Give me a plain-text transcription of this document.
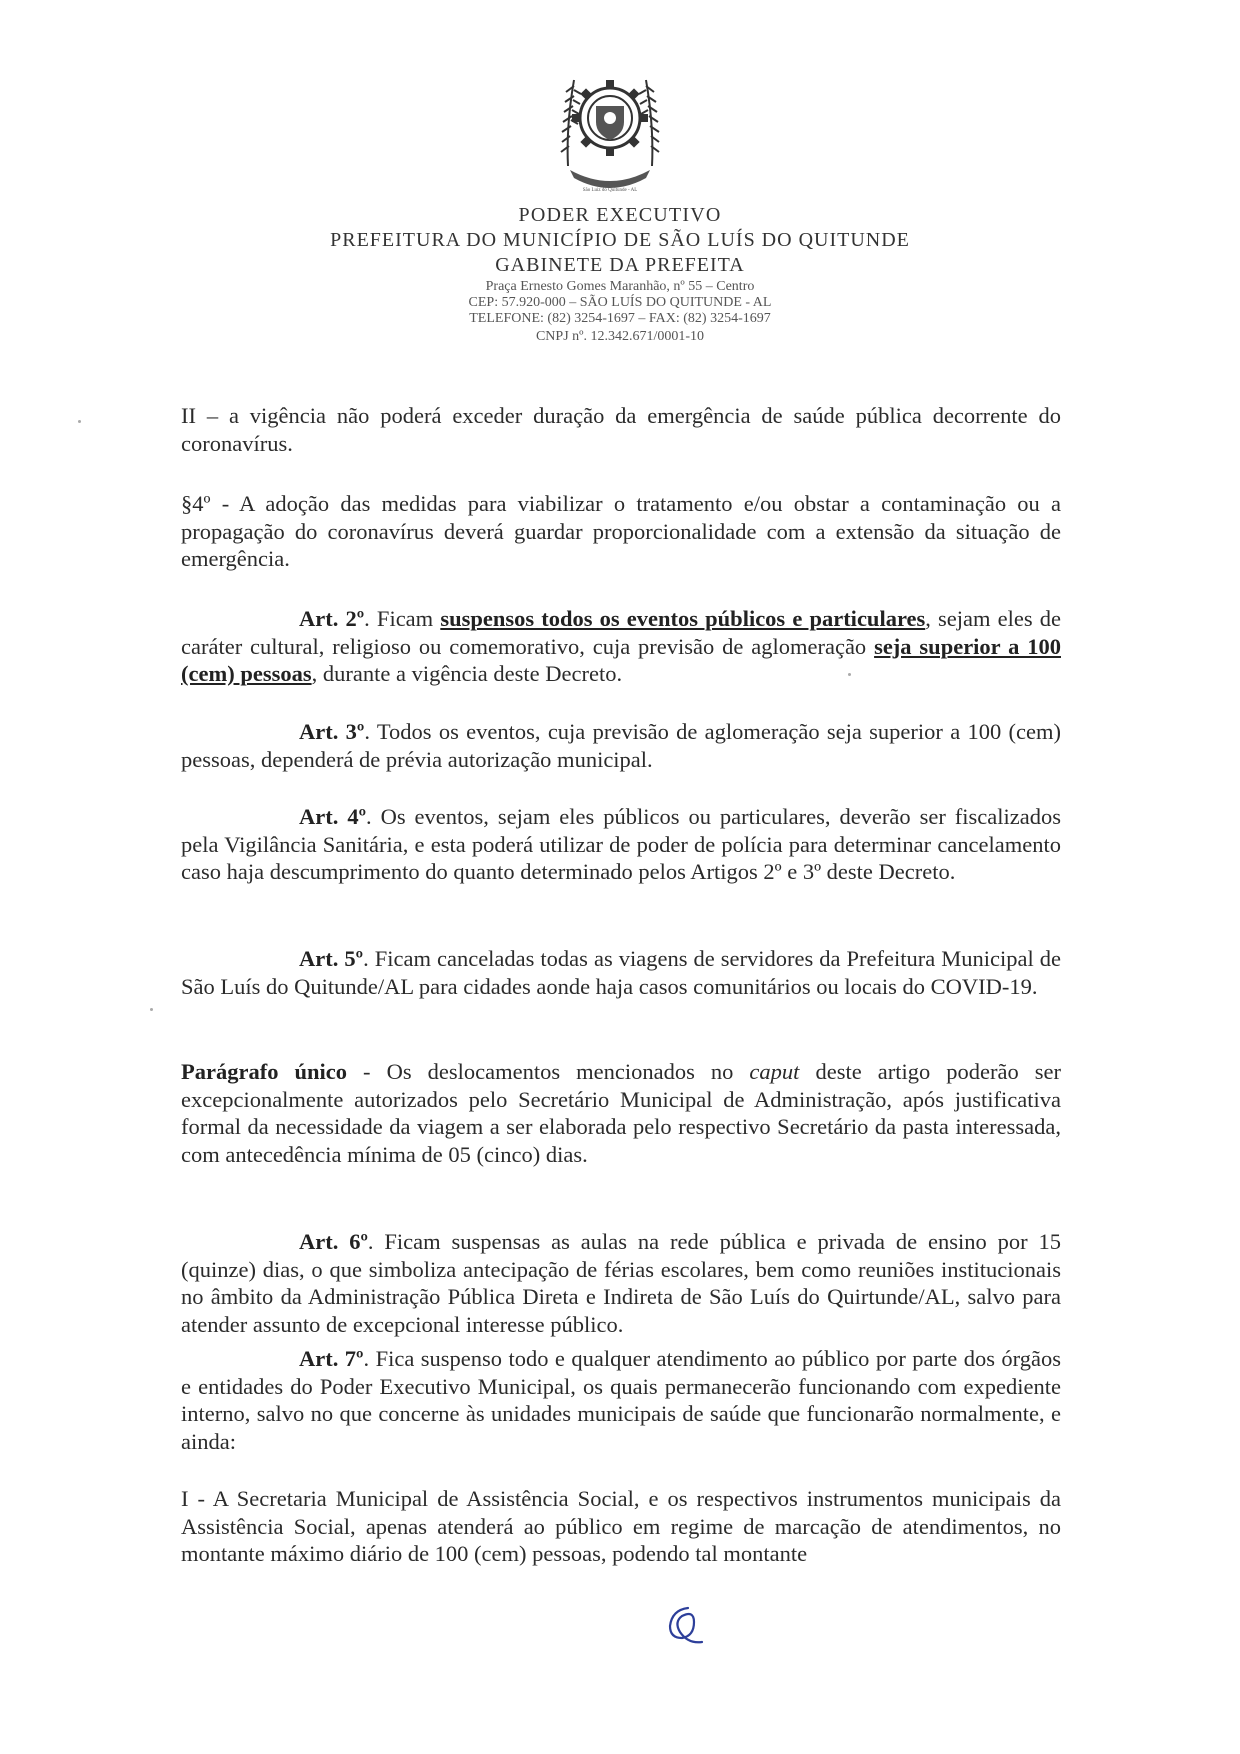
São Luiz do Quitunde - AL

PODER EXECUTIVO

PREFEITURA DO MUNICÍPIO DE SÃO LUÍS DO QUITUNDE

GABINETE DA PREFEITA

Praça Ernesto Gomes Maranhão, nº 55 – Centro

CEP: 57.920-000 – SÃO LUÍS DO QUITUNDE - AL

TELEFONE: (82) 3254-1697 – FAX: (82) 3254-1697

CNPJ nº. 12.342.671/0001-10

II – a vigência não poderá exceder duração da emergência de saúde pública decorrente do coronavírus.

§4º - A adoção das medidas para viabilizar o tratamento e/ou obstar a contaminação ou a propagação do coronavírus deverá guardar proporcionalidade com a extensão da situação de emergência.

Art. 2º. Ficam suspensos todos os eventos públicos e particulares, sejam eles de caráter cultural, religioso ou comemorativo, cuja previsão de aglomeração seja superior a 100 (cem) pessoas, durante a vigência deste Decreto.

Art. 3º. Todos os eventos, cuja previsão de aglomeração seja superior a 100 (cem) pessoas, dependerá de prévia autorização municipal.

Art. 4º. Os eventos, sejam eles públicos ou particulares, deverão ser fiscalizados pela Vigilância Sanitária, e esta poderá utilizar de poder de polícia para determinar cancelamento caso haja descumprimento do quanto determinado pelos Artigos 2º e 3º deste Decreto.

Art. 5º. Ficam canceladas todas as viagens de servidores da Prefeitura Municipal de São Luís do Quitunde/AL para cidades aonde haja casos comunitários ou locais do COVID-19.

Parágrafo único - Os deslocamentos mencionados no caput deste artigo poderão ser excepcionalmente autorizados pelo Secretário Municipal de Administração, após justificativa formal da necessidade da viagem a ser elaborada pelo respectivo Secretário da pasta interessada, com antecedência mínima de 05 (cinco) dias.

Art. 6º. Ficam suspensas as aulas na rede pública e privada de ensino por 15 (quinze) dias, o que simboliza antecipação de férias escolares, bem como reuniões institucionais no âmbito da Administração Pública Direta e Indireta de São Luís do Quirtunde/AL, salvo para atender assunto de excepcional interesse público.

Art. 7º. Fica suspenso todo e qualquer atendimento ao público por parte dos órgãos e entidades do Poder Executivo Municipal, os quais permanecerão funcionando com expediente interno, salvo no que concerne às unidades municipais de saúde que funcionarão normalmente, e ainda:

I - A Secretaria Municipal de Assistência Social, e os respectivos instrumentos municipais da Assistência Social, apenas atenderá ao público em regime de marcação de atendimentos, no montante máximo diário de 100 (cem) pessoas, podendo tal montante
